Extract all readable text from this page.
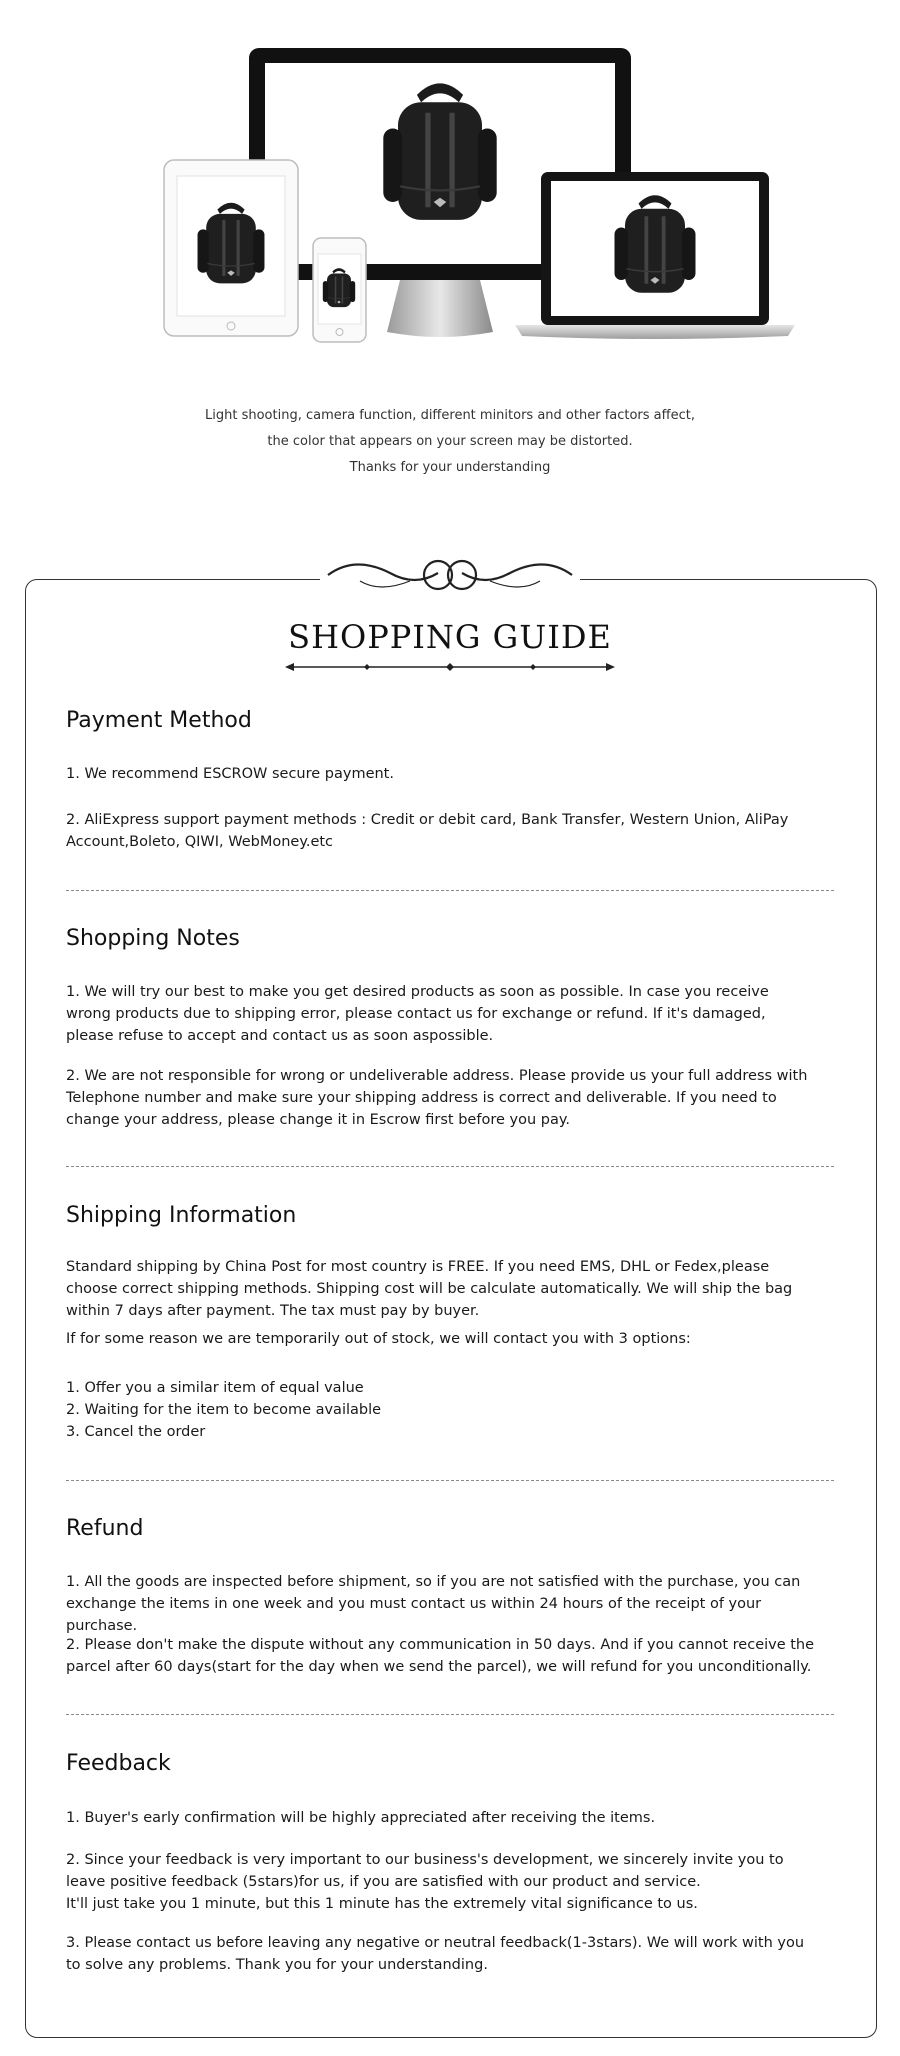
Light shooting, camera function, different minitors and other factors affect,
the color that appears on your screen may be distorted.
Thanks for your understanding
SHOPPING GUIDE
Payment Method

1. We recommend ESCROW secure payment.

2. AliExpress support payment methods : Credit or debit card, Bank Transfer, Western Union, AliPay Account,Boleto, QIWI, WebMoney.etc

Shopping Notes

1. We will try our best to make you get desired products as soon as possible. In case you receive wrong products due to shipping error, please contact us for exchange or refund. If it's damaged, please refuse to accept and contact us as soon aspossible.

2. We are not responsible for wrong or undeliverable address. Please provide us your full address with Telephone number and make sure your shipping address is correct and deliverable. If you need to change your address, please change it in Escrow first before you pay.

Shipping Information

Standard shipping by China Post for most country is FREE. If you need EMS, DHL or Fedex,please choose correct shipping methods. Shipping cost will be calculate automatically. We will ship the bag within 7 days after payment. The tax must pay by buyer.

If for some reason we are temporarily out of stock, we will contact you with 3 options:

1. Offer you a similar item of equal value

2. Waiting for the item to become available

3. Cancel the order

Refund

1. All the goods are inspected before shipment, so if you are not satisfied with the purchase, you can exchange the items in one week and you must contact us within 24 hours of the receipt of your purchase.

2. Please don't make the dispute without any communication in 50 days. And if you cannot receive the parcel after 60 days(start for the day when we send the parcel), we will refund for you unconditionally.

Feedback

1. Buyer's early confirmation will be highly appreciated after receiving the items.

2. Since your feedback is very important to our business's development, we sincerely invite you to leave positive feedback (5stars)for us, if you are satisfied with our product and service.

It'll just take you 1 minute, but this 1 minute has the extremely vital significance to us.

3. Please contact us before leaving any negative or neutral feedback(1-3stars). We will work with you to solve any problems. Thank you for your understanding.
